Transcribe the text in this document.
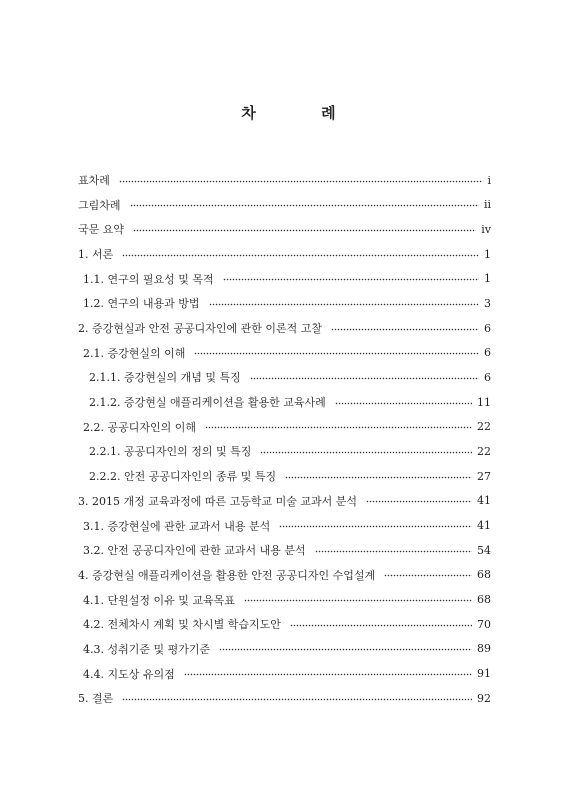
차 례
표차례	i
그림차례	ii
국문 요약	iv
1. 서론	1
1.1. 연구의 필요성 및 목적	1
1.2. 연구의 내용과 방법	3
2. 증강현실과 안전 공공디자인에 관한 이론적 고찰	6
2.1. 증강현실의 이해	6
2.1.1. 증강현실의 개념 및 특징	6
2.1.2. 증강현실 애플리케이션을 활용한 교육사례	11
2.2. 공공디자인의 이해	22
2.2.1. 공공디자인의 정의 및 특징	22
2.2.2. 안전 공공디자인의 종류 및 특징	27
3. 2015 개정 교육과정에 따른 고등학교 미술 교과서 분석	41
3.1. 증강현실에 관한 교과서 내용 분석	41
3.2. 안전 공공디자인에 관한 교과서 내용 분석	54
4. 증강현실 애플리케이션을 활용한 안전 공공디자인 수업설계	68
4.1. 단원설정 이유 및 교육목표	68
4.2. 전체차시 계획 및 차시별 학습지도안	70
4.3. 성취기준 및 평가기준	89
4.4. 지도상 유의점	91
5. 결론	92
